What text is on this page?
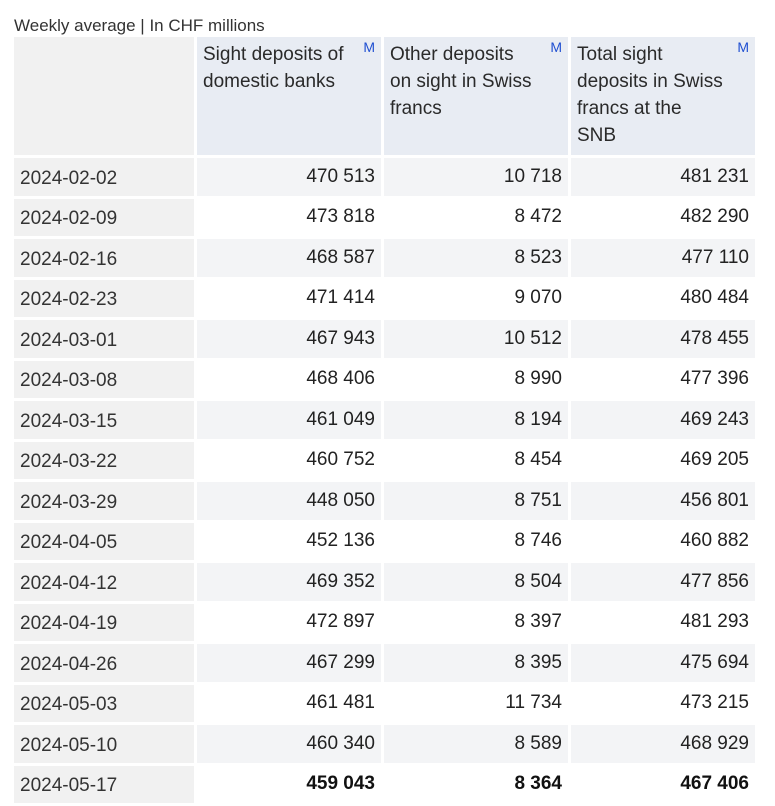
Weekly average | In CHF millions
	Sight deposits of domestic banks
M	Other deposits on sight in Swiss francs
M	Total sight deposits in Swiss francs at the SNB
M

2024-02-02	470 513	10 718	481 231
2024-02-09	473 818	8 472	482 290
2024-02-16	468 587	8 523	477 110
2024-02-23	471 414	9 070	480 484
2024-03-01	467 943	10 512	478 455
2024-03-08	468 406	8 990	477 396
2024-03-15	461 049	8 194	469 243
2024-03-22	460 752	8 454	469 205
2024-03-29	448 050	8 751	456 801
2024-04-05	452 136	8 746	460 882
2024-04-12	469 352	8 504	477 856
2024-04-19	472 897	8 397	481 293
2024-04-26	467 299	8 395	475 694
2024-05-03	461 481	11 734	473 215
2024-05-10	460 340	8 589	468 929
2024-05-17	459 043	8 364	467 406
